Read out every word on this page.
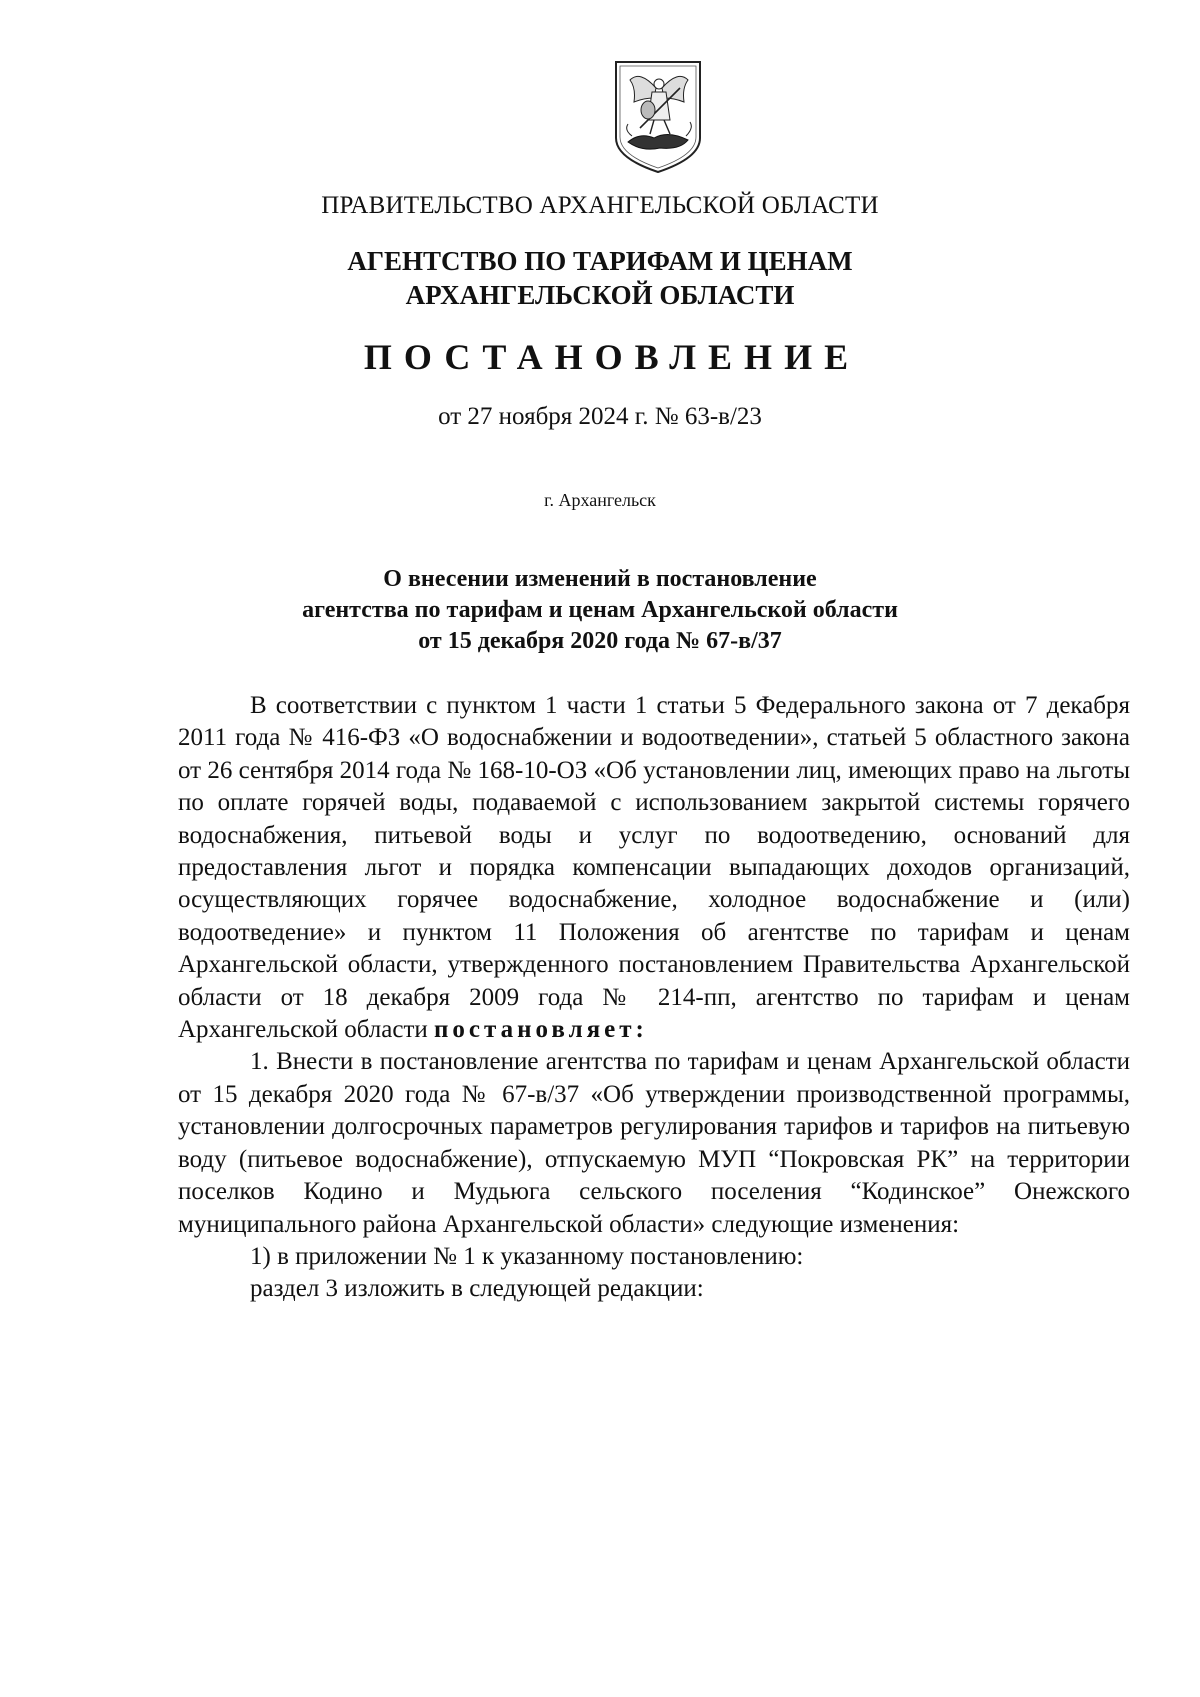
ПРАВИТЕЛЬСТВО АРХАНГЕЛЬСКОЙ ОБЛАСТИ
АГЕНТСТВО ПО ТАРИФАМ И ЦЕНАМ
АРХАНГЕЛЬСКОЙ ОБЛАСТИ
ПОСТАНОВЛЕНИЕ
от 27 ноября 2024 г. № 63-в/23
г. Архангельск
О внесении изменений в постановление
агентства по тарифам и ценам Архангельской области
от 15 декабря 2020 года № 67-в/37

В соответствии с пунктом 1 части 1 статьи 5 Федерального закона от 7 декабря 2011 года № 416-ФЗ «О водоснабжении и водоотведении», статьей 5 областного закона от 26 сентября 2014 года № 168-10-ОЗ «Об установлении лиц, имеющих право на льготы по оплате горячей воды, подаваемой с использованием закрытой системы горячего водоснабжения, питьевой воды и услуг по водоотведению, оснований для предоставления льгот и порядка компенсации выпадающих доходов организаций, осуществляющих горячее водоснабжение, холодное водоснабжение и (или) водоотведение» и пунктом 11 Положения об агентстве по тарифам и ценам Архангельской области, утвержденного постановлением Правительства Архангельской области от 18 декабря 2009 года № 214-пп, агентство по тарифам и ценам Архангельской области постановляет:

1. Внести в постановление агентства по тарифам и ценам Архангельской области от 15 декабря 2020 года № 67-в/37 «Об утверждении производственной программы, установлении долгосрочных параметров регулирования тарифов и тарифов на питьевую воду (питьевое водоснабжение), отпускаемую МУП “Покровская РК” на территории поселков Кодино и Мудьюга сельского поселения “Кодинское” Онежского муниципального района Архангельской области» следующие изменения:

1) в приложении № 1 к указанному постановлению:

раздел 3 изложить в следующей редакции:
